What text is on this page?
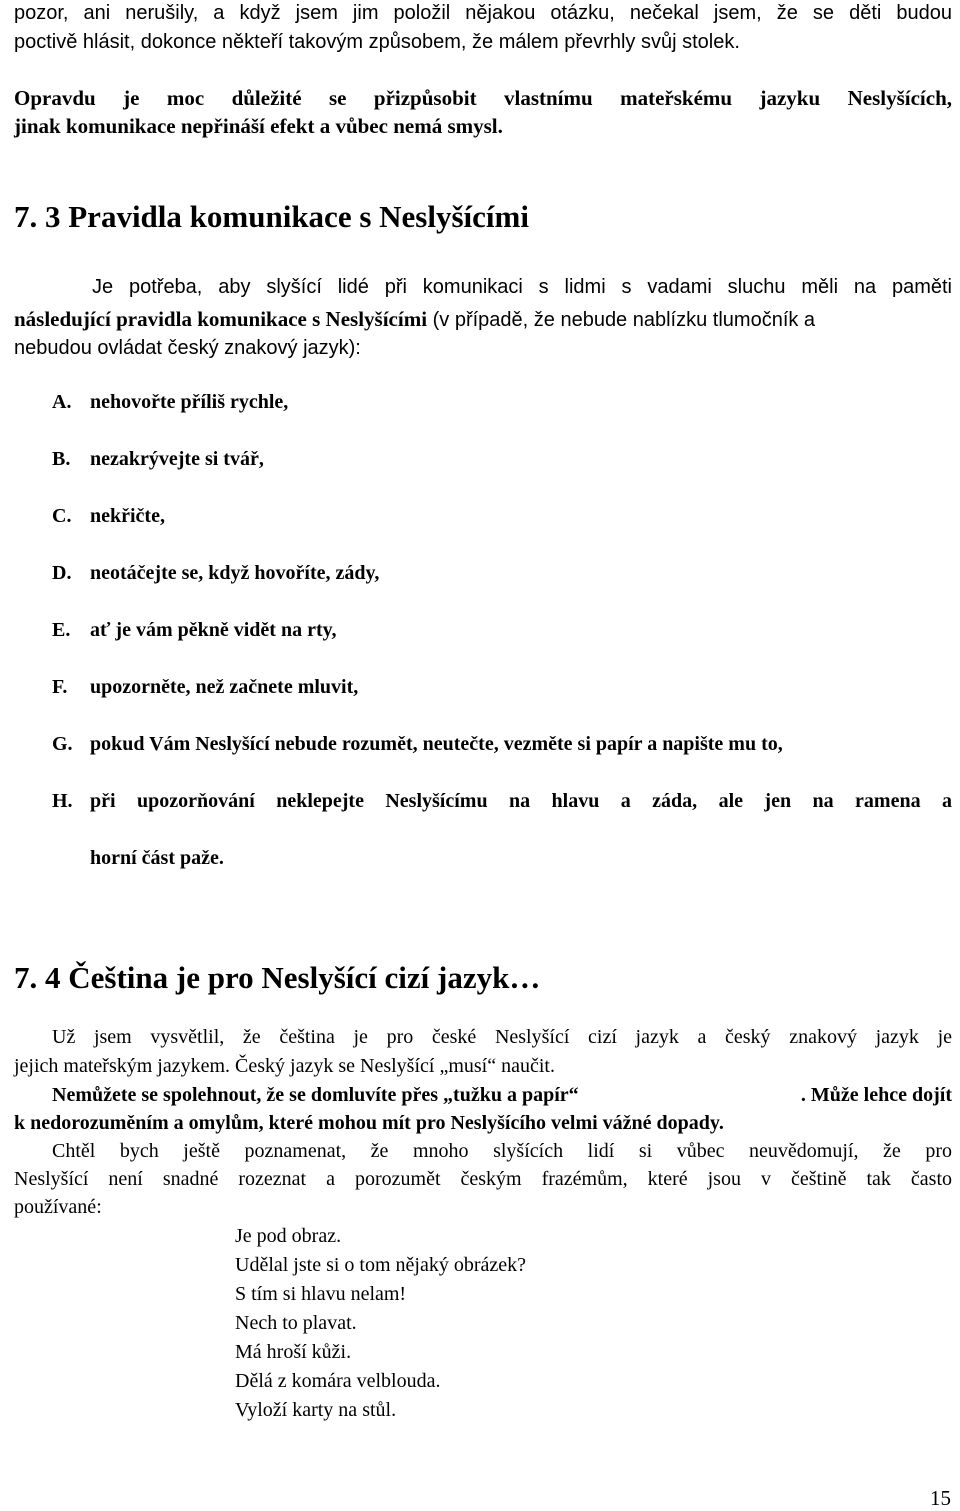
pozor, ani nerušily, a když jsem jim položil nějakou otázku, nečekal jsem, že se děti budou

poctivě hlásit, dokonce někteří takovým způsobem, že málem převrhly svůj stolek.

Opravdu je moc důležité se přizpůsobit vlastnímu mateřskému jazyku Neslyšících,

jinak komunikace nepřináší efekt a vůbec nemá smysl.

7. 3 Pravidla komunikace s Neslyšícími

Je potřeba, aby slyšící lidé při komunikaci s lidmi s vadami sluchu měli na paměti

následující pravidla komunikace s Neslyšícími (v případě, že nebude nablízku tlumočník a

nebudou ovládat český znakový jazyk):

A. nehovořte příliš rychle,
B. nezakrývejte si tvář,
C. nekřičte,
D. neotáčejte se, když hovoříte, zády,
E. ať je vám pěkně vidět na rty,
F. upozorněte, než začnete mluvit,
G. pokud Vám Neslyšící nebude rozumět, neutečte, vezměte si papír a napište mu to,
H. při upozorňování neklepejte Neslyšícímu na hlavu a záda, ale jen na ramena a
horní část paže.
7. 4 Čeština je pro Neslyšící cizí jazyk…

Už jsem vysvětlil, že čeština je pro české Neslyšící cizí jazyk a český znakový jazyk je

jejich mateřským jazykem. Český jazyk se Neslyšící „musí“ naučit.

Nemůžete se spolehnout, že se domluvíte přes „tužku a papír“	. Může lehce dojít

k nedorozuměním a omylům, které mohou mít pro Neslyšícího velmi vážné dopady.

Chtěl bych ještě poznamenat, že mnoho slyšících lidí si vůbec neuvědomují, že pro

Neslyšící není snadné rozeznat a porozumět českým frazémům, které jsou v češtině tak často

používané:

Je pod obraz.
Udělal jste si o tom nějaký obrázek?
S tím si hlavu nelam!
Nech to plavat.
Má hroší kůži.
Dělá z komára velblouda.
Vyloží karty na stůl.
15
